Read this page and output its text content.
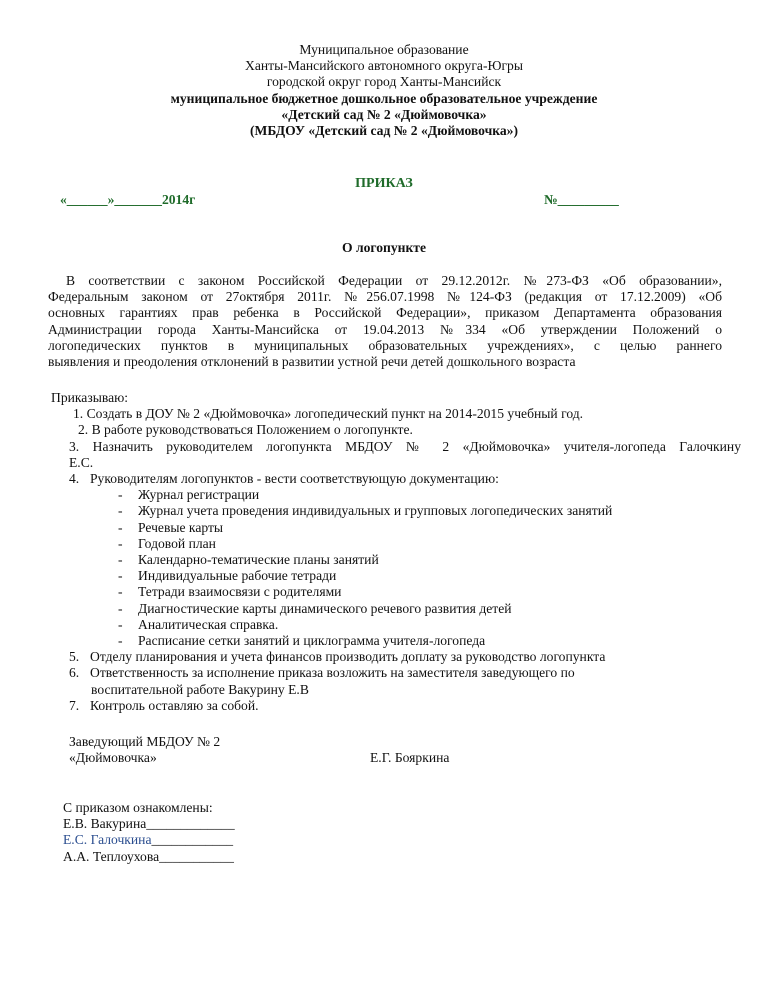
Муниципальное образование
Ханты-Мансийского автономного округа-Югры
городской округ город Ханты-Мансийск
муниципальное бюджетное дошкольное образовательное учреждение
«Детский сад № 2 «Дюймовочка»
(МБДОУ «Детский сад № 2 «Дюймовочка»)
ПРИКАЗ
«______»_______2014г	№_________
О логопункте
В соответствии с законом Российской Федерации от 29.12.2012г. №273-ФЗ «Об образовании»,
Федеральным законом от 27октября 2011г. №256.07.1998 №124-ФЗ (редакция от 17.12.2009) «Об
основных гарантиях прав ребенка в Российской Федерации», приказом Департамента образования
Администрации города Ханты-Мансийска от 19.04.2013 №334 «Об утверждении Положений о
логопедических пунктов в муниципальных образовательных учреждениях», с целью раннего
выявления и преодоления отклонений в развитии устной речи детей дошкольного возраста
Приказываю:
1. Создать в ДОУ № 2 «Дюймовочка» логопедический пункт на 2014-2015 учебный год.
2. В работе руководствоваться Положением о логопункте.
3. Назначить руководителем логопункта МБДОУ № 2 «Дюймовочка» учителя-логопеда Галочкину
Е.С.
4. Руководителям логопунктов - вести соответствующую документацию:
- Журнал регистрации
- Журнал учета проведения индивидуальных и групповых логопедических занятий
- Речевые карты
- Годовой план
- Календарно-тематические планы занятий
- Индивидуальные рабочие тетради
- Тетради взаимосвязи с родителями
- Диагностические карты динамического речевого развития детей
- Аналитическая справка.
- Расписание сетки занятий и циклограмма учителя-логопеда
5. Отделу планирования и учета финансов производить доплату за руководство логопункта
6. Ответственность за исполнение приказа возложить на заместителя заведующего по
воспитательной работе Вакурину Е.В
7. Контроль оставляю за собой.
Заведующий МБДОУ № 2
«Дюймовочка»	Е.Г. Бояркина
С приказом ознакомлены:
Е.В. Вакурина_____________
Е.С. Галочкина____________
А.А. Теплоухова___________
